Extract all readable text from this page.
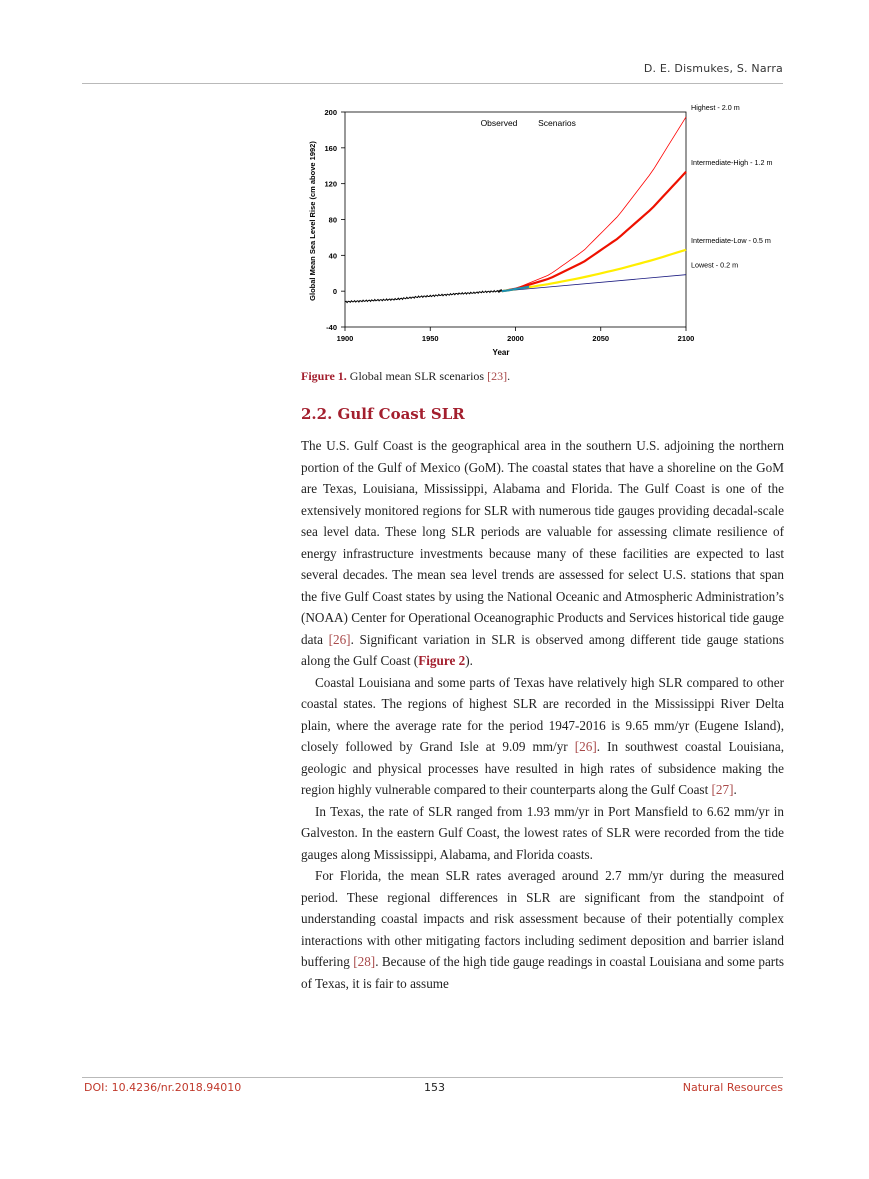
D. E. Dismukes, S. Narra
Observed Scenarios
Global Mean Sea Level Rise (cm above 1992)
Year
1900	1950	2000	2050	2100
-40
0
40
80
120
160
200
Highest - 2.0 m
Intermediate-High - 1.2 m
Intermediate-Low - 0.5 m
Lowest - 0.2 m
Figure 1. Global mean SLR scenarios [23].
2.2. Gulf Coast SLR

The U.S. Gulf Coast is the geographical area in the southern U.S. adjoining the northern portion of the Gulf of Mexico (GoM). The coastal states that have a shoreline on the GoM are Texas, Louisiana, Mississippi, Alabama and Florida. The Gulf Coast is one of the extensively monitored regions for SLR with numerous tide gauges providing decadal-scale sea level data. These long SLR periods are valuable for assessing climate resilience of energy infrastructure investments because many of these facilities are expected to last several decades. The mean sea level trends are assessed for select U.S. stations that span the five Gulf Coast states by using the National Oceanic and Atmospheric Administration’s (NOAA) Center for Operational Oceanographic Products and Services historical tide gauge data [26]. Significant variation in SLR is observed among different tide gauge stations along the Gulf Coast (Figure 2).

Coastal Louisiana and some parts of Texas have relatively high SLR compared to other coastal states. The regions of highest SLR are recorded in the Mississippi River Delta plain, where the average rate for the period 1947-2016 is 9.65 mm/yr (Eugene Island), closely followed by Grand Isle at 9.09 mm/yr [26]. In southwest coastal Louisiana, geologic and physical processes have resulted in high rates of subsidence making the region highly vulnerable compared to their counterparts along the Gulf Coast [27].

In Texas, the rate of SLR ranged from 1.93 mm/yr in Port Mansfield to 6.62 mm/yr in Galveston. In the eastern Gulf Coast, the lowest rates of SLR were recorded from the tide gauges along Mississippi, Alabama, and Florida coasts.

For Florida, the mean SLR rates averaged around 2.7 mm/yr during the measured period. These regional differences in SLR are significant from the standpoint of understanding coastal impacts and risk assessment because of their potentially complex interactions with other mitigating factors including sediment deposition and barrier island buffering [28]. Because of the high tide gauge readings in coastal Louisiana and some parts of Texas, it is fair to assume

DOI: 10.4236/nr.2018.94010	153	Natural Resources
